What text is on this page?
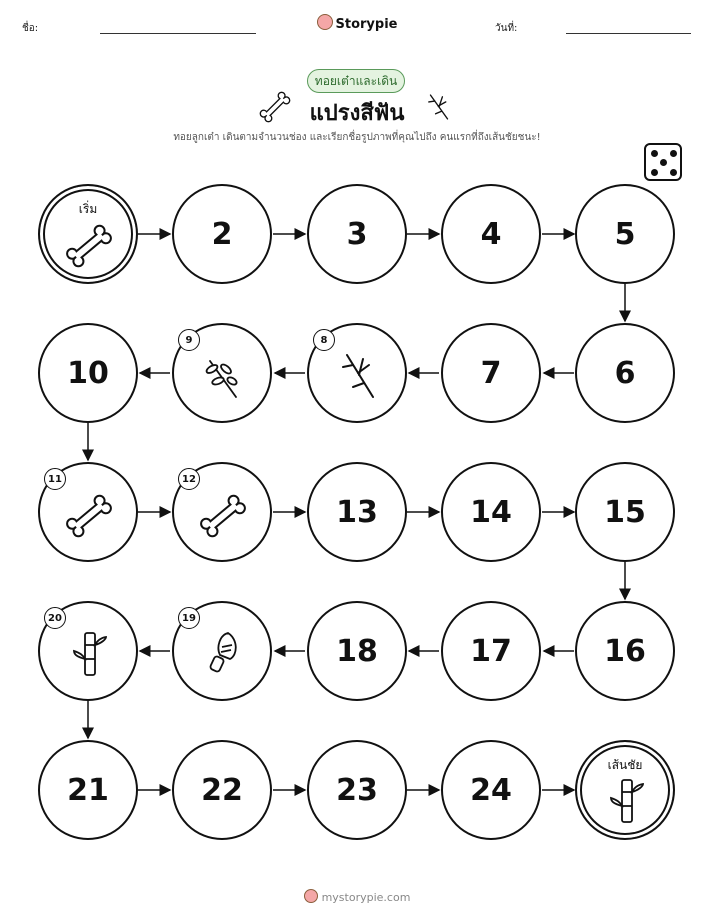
ชื่อ:	Storypie	วันที่:
ทอยเต๋าและเดิน
แปรงสีฟัน
ทอยลูกเต๋า เดินตามจำนวนช่อง และเรียกชื่อรูปภาพที่คุณไปถึง คนแรกที่ถึงเส้นชัยชนะ!
เริ่ม
2	3	4	5
6
7
8
9
10
11	12
13	14	15
16
17
18
19
20
21	22	23	24
เส้นชัย
mystorypie.com
